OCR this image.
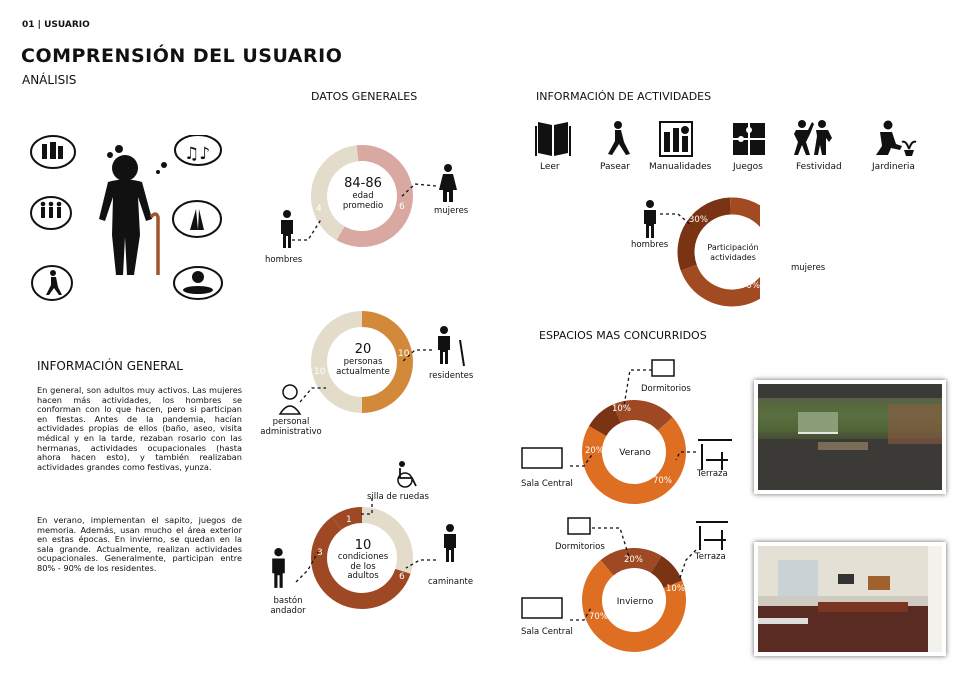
01 | USUARIO
COMPRENSIÓN DEL USUARIO
ANÁLISIS
DATOS GENERALES	INFORMACIÓN DE ACTIVIDADES
ESPACIOS MAS CONCURRIDOS
INFORMACIÓN GENERAL
En general, son adultos muy activos. Las mujeres hacen más actividades, los hombres se conforman con lo que hacen, pero si participan en fiestas. Antes de la pandemia, hacían actividades propias de ellos (baño, aseo, visita médical y en la tarde, rezaban rosario con las hermanas, actividades ocupacionales (hasta ahora hacen esto), y también realizaban actividades grandes como festivas, yunza.
En verano, implementan el sapito, juegos de memoria. Además, usan mucho el área exterior en estas épocas. En invierno, se quedan en la sala grande. Actualmente, realizan actividades ocupacionales. Generalmente, participan entre 80% - 90% de los residentes.
♫♪
84-86
edad
promedio
4	6
hombres
mujeres
20
personas
actualmente
10
10
personal administrativo
residentes
10
condiciones
de los
adultos
1
3
6
silla de ruedas
bastón andador
caminante
Leer	Pasear Manualidades Juegos	Festividad	Jardineria
Participación
actividades
30%
70%
hombres
mujeres
Verano
10%
20%
70%
Dormitorios
Sala Central
Terraza
Invierno
20%
10%
70%
Dormitorios
Terraza
Sala Central
